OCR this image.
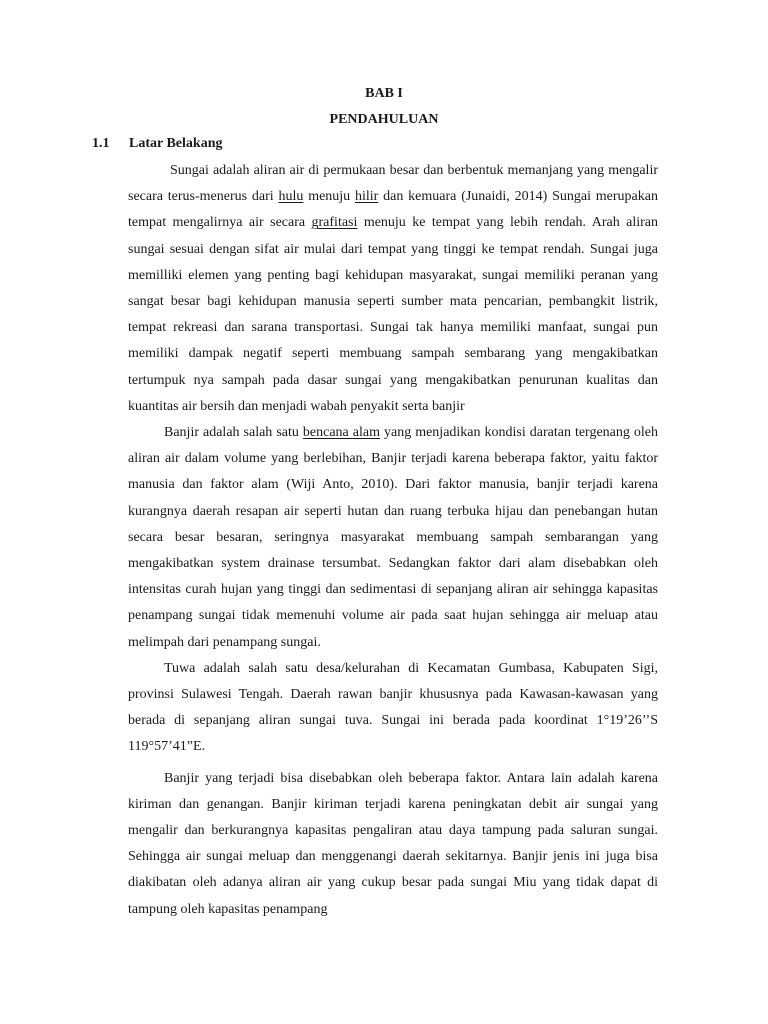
BAB I
PENDAHULUAN
1.1 Latar Belakang

Sungai adalah aliran air di permukaan besar dan berbentuk memanjang yang mengalir secara terus-menerus dari hulu menuju hilir dan kemuara (Junaidi, 2014) Sungai merupakan tempat mengalirnya air secara grafitasi menuju ke tempat yang lebih rendah. Arah aliran sungai sesuai dengan sifat air mulai dari tempat yang tinggi ke tempat rendah. Sungai juga memilliki elemen yang penting bagi kehidupan masyarakat, sungai memiliki peranan yang sangat besar bagi kehidupan manusia seperti sumber mata pencarian, pembangkit listrik, tempat rekreasi dan sarana transportasi. Sungai tak hanya memiliki manfaat, sungai pun memiliki dampak negatif seperti membuang sampah sembarang yang mengakibatkan tertumpuk nya sampah pada dasar sungai yang mengakibatkan penurunan kualitas dan kuantitas air bersih dan menjadi wabah penyakit serta banjir

Banjir adalah salah satu bencana alam yang menjadikan kondisi daratan tergenang oleh aliran air dalam volume yang berlebihan, Banjir terjadi karena beberapa faktor, yaitu faktor manusia dan faktor alam (Wiji Anto, 2010). Dari faktor manusia, banjir terjadi karena kurangnya daerah resapan air seperti hutan dan ruang terbuka hijau dan penebangan hutan secara besar besaran, seringnya masyarakat membuang sampah sembarangan yang mengakibatkan system drainase tersumbat. Sedangkan faktor dari alam disebabkan oleh intensitas curah hujan yang tinggi dan sedimentasi di sepanjang aliran air sehingga kapasitas penampang sungai tidak memenuhi volume air pada saat hujan sehingga air meluap atau melimpah dari penampang sungai.

Tuwa adalah salah satu desa/kelurahan di Kecamatan Gumbasa, Kabupaten Sigi, provinsi Sulawesi Tengah. Daerah rawan banjir khususnya pada Kawasan-kawasan yang berada di sepanjang aliran sungai tuva. Sungai ini berada pada koordinat 1°19’26’’S 119°57’41”E.

Banjir yang terjadi bisa disebabkan oleh beberapa faktor. Antara lain adalah karena kiriman dan genangan. Banjir kiriman terjadi karena peningkatan debit air sungai yang mengalir dan berkurangnya kapasitas pengaliran atau daya tampung pada saluran sungai. Sehingga air sungai meluap dan menggenangi daerah sekitarnya. Banjir jenis ini juga bisa diakibatan oleh adanya aliran air yang cukup besar pada sungai Miu yang tidak dapat di tampung oleh kapasitas penampang
